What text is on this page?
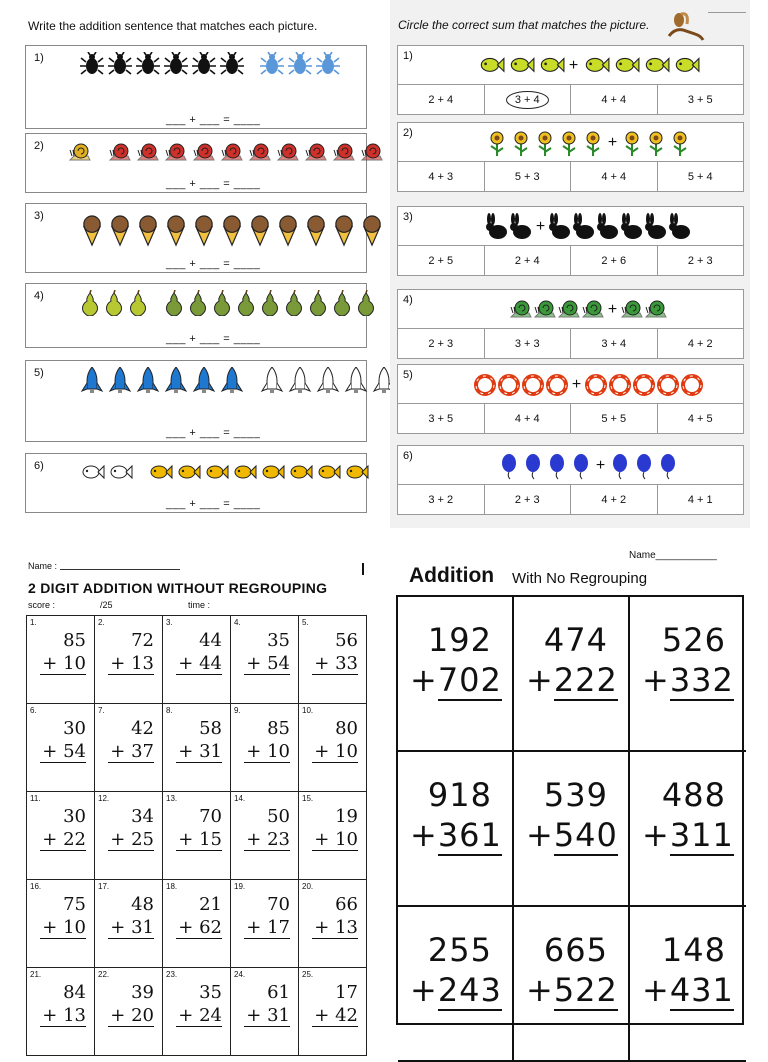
Write the addition sentence that matches each picture.
1)
___ + ___ = ____
2)
___ + ___ = ____
3)
___ + ___ = ____
4)
___ + ___ = ____
5)
___ + ___ = ____
6)
___ + ___ = ____
Circle the correct sum that matches the picture.
1)
+
2 + 4	3 + 4	4 + 4	3 + 5
2)
+
4 + 3	5 + 3	4 + 4	5 + 4
3)
+
2 + 5	2 + 4	2 + 6	2 + 3
4)
+
2 + 3	3 + 3	3 + 4	4 + 2
5)
+
3 + 5	4 + 4	5 + 5	4 + 5
6)
+
3 + 2	2 + 3	4 + 2	4 + 1
Name :
2 DIGIT ADDITION WITHOUT REGROUPING
score :	/25	time :
1.
85
+ 10
2.
72
+ 13
3.
44
+ 44
4.
35
+ 54
5.
56
+ 33
6.
30
+ 54
7.
42
+ 37
8.
58
+ 31
9.
85
+ 10
10.
80
+ 10
11.
30
+ 22
12.
34
+ 25
13.
70
+ 15
14.
50
+ 23
15.
19
+ 10
16.
75
+ 10
17.
48
+ 31
18.
21
+ 62
19.
70
+ 17
20.
66
+ 13
21.
84
+ 13
22.
39
+ 20
23.
35
+ 24
24.
61
+ 31
25.
17
+ 42
Name___________
Addition With No Regrouping
192
+702
474
+222
526
+332
918
+361
539
+540
488
+311
255
+243
665
+522
148
+431
